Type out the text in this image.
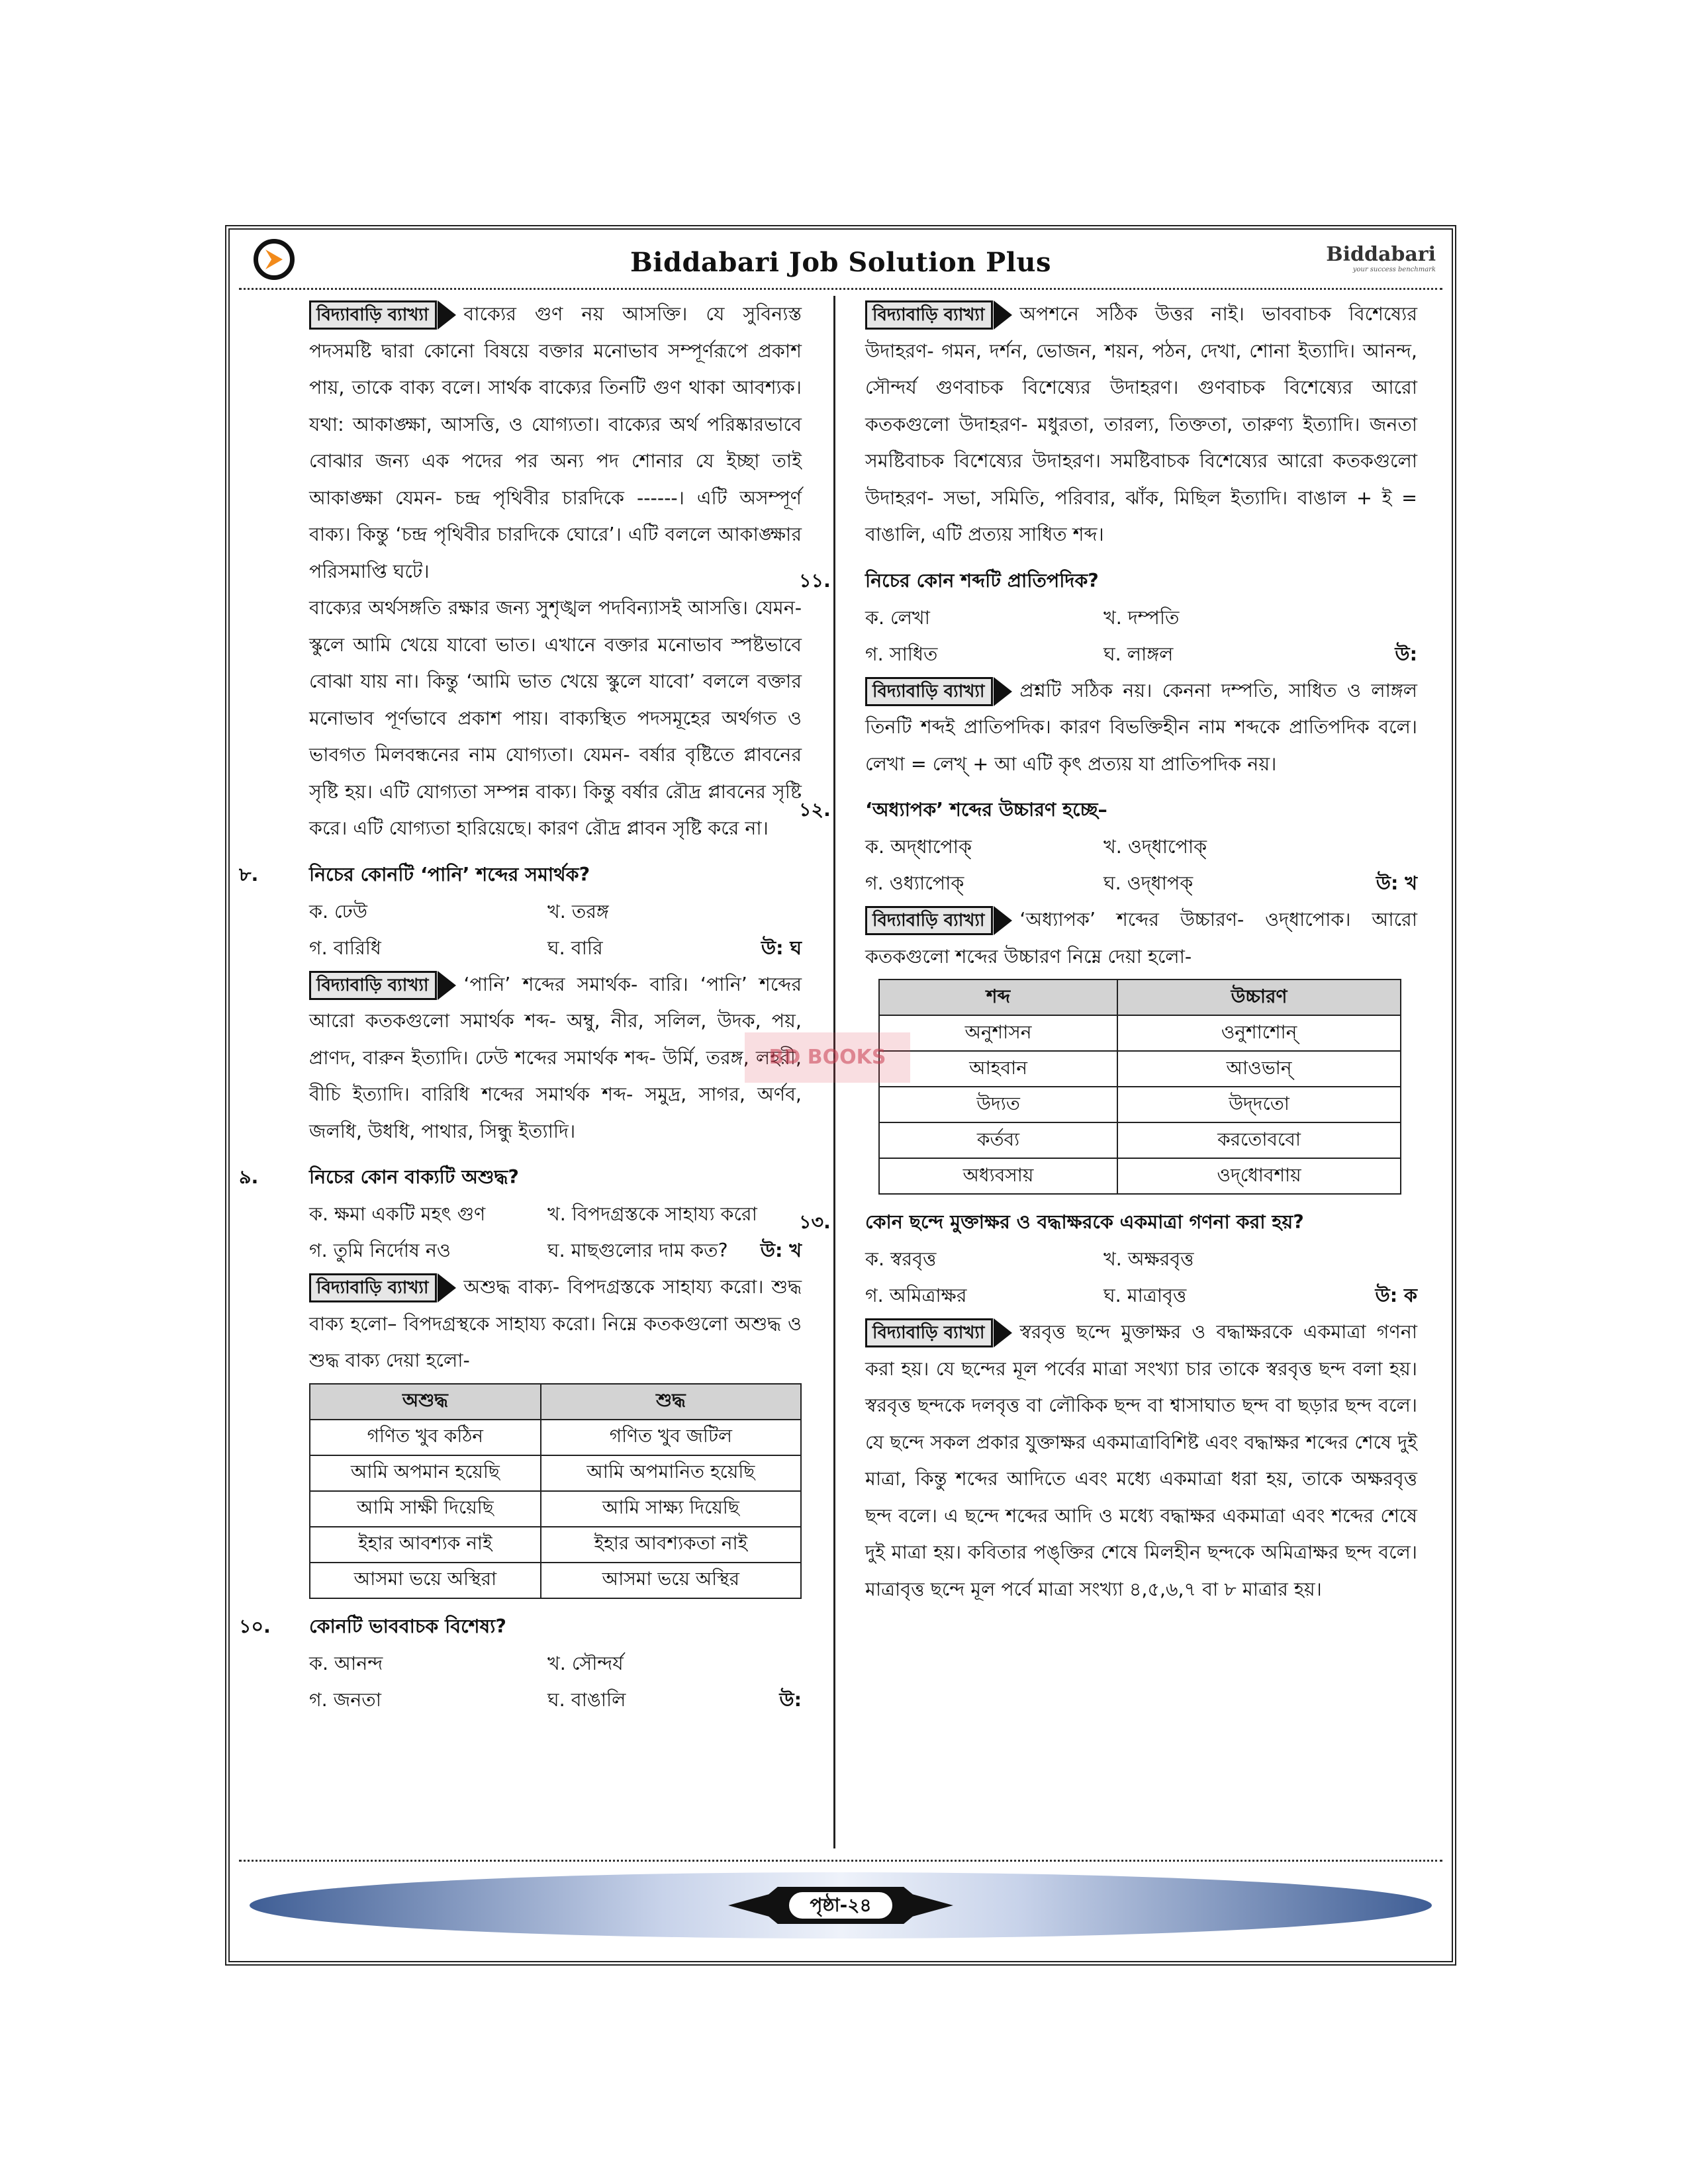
Biddabari Job Solution Plus	Biddabari
your success benchmark
বিদ্যাবাড়ি ব্যাখ্যা বাক্যের গুণ নয় আসক্তি। যে সুবিন্যস্ত পদসমষ্টি দ্বারা কোনো বিষয়ে বক্তার মনোভাব সম্পূর্ণরূপে প্রকাশ পায়, তাকে বাক্য বলে। সার্থক বাক্যের তিনটি গুণ থাকা আবশ্যক। যথা: আকাঙ্ক্ষা, আসত্তি, ও যোগ্যতা। বাক্যের অর্থ পরিষ্কারভাবে বোঝার জন্য এক পদের পর অন্য পদ শোনার যে ইচ্ছা তাই আকাঙ্ক্ষা যেমন- চন্দ্র পৃথিবীর চারদিকে ------। এটি অসম্পূর্ণ বাক্য। কিন্তু ‘চন্দ্র পৃথিবীর চারদিকে ঘোরে’। এটি বললে আকাঙ্ক্ষার পরিসমাপ্তি ঘটে।
বাক্যের অর্থসঙ্গতি রক্ষার জন্য সুশৃঙ্খল পদবিন্যাসই আসত্তি। যেমন- স্কুলে আমি খেয়ে যাবো ভাত। এখানে বক্তার মনোভাব স্পষ্টভাবে বোঝা যায় না। কিন্তু ‘আমি ভাত খেয়ে স্কুলে যাবো’ বললে বক্তার মনোভাব পূর্ণভাবে প্রকাশ পায়। বাক্যস্থিত পদসমূহের অর্থগত ও ভাবগত মিলবন্ধনের নাম যোগ্যতা। যেমন- বর্ষার বৃষ্টিতে প্লাবনের সৃষ্টি হয়। এটি যোগ্যতা সম্পন্ন বাক্য। কিন্তু বর্ষার রৌদ্র প্লাবনের সৃষ্টি করে। এটি যোগ্যতা হারিয়েছে। কারণ রৌদ্র প্লাবন সৃষ্টি করে না।
৮.	নিচের কোনটি ‘পানি’ শব্দের সমার্থক?
ক. ঢেউ	খ. তরঙ্গ
গ. বারিধি	ঘ. বারি	উ: ঘ
বিদ্যাবাড়ি ব্যাখ্যা ‘পানি’ শব্দের সমার্থক- বারি। ‘পানি’ শব্দের আরো কতকগুলো সমার্থক শব্দ- অম্বু, নীর, সলিল, উদক, পয়, প্রাণদ, বারুন ইত্যাদি। ঢেউ শব্দের সমার্থক শব্দ- উর্মি, তরঙ্গ, লহরী, বীচি ইত্যাদি। বারিধি শব্দের সমার্থক শব্দ- সমুদ্র, সাগর, অর্ণব, জলধি, উধধি, পাথার, সিন্ধু ইত্যাদি।
৯.	নিচের কোন বাক্যটি অশুদ্ধ?
ক. ক্ষমা একটি মহৎ গুণ	খ. বিপদগ্রস্তকে সাহায্য করো
গ. তুমি নির্দোষ নও	ঘ. মাছগুলোর দাম কত? উ: খ
বিদ্যাবাড়ি ব্যাখ্যা অশুদ্ধ বাক্য- বিপদগ্রস্তকে সাহায্য করো। শুদ্ধ বাক্য হলো– বিপদগ্রস্থকে সাহায্য করো। নিম্নে কতকগুলো অশুদ্ধ ও শুদ্ধ বাক্য দেয়া হলো-
অশুদ্ধ	শুদ্ধ
গণিত খুব কঠিন	গণিত খুব জটিল
আমি অপমান হয়েছি	আমি অপমানিত হয়েছি
আমি সাক্ষী দিয়েছি	আমি সাক্ষ্য দিয়েছি
ইহার আবশ্যক নাই	ইহার আবশ্যকতা নাই
আসমা ভয়ে অস্থিরা	আসমা ভয়ে অস্থির
১০. কোনটি ভাববাচক বিশেষ্য?
ক. আনন্দ	খ. সৌন্দর্য
গ. জনতা	ঘ. বাঙালি	উ:
বিদ্যাবাড়ি ব্যাখ্যা অপশনে সঠিক উত্তর নাই। ভাববাচক বিশেষ্যের উদাহরণ- গমন, দর্শন, ভোজন, শয়ন, পঠন, দেখা, শোনা ইত্যাদি। আনন্দ, সৌন্দর্য গুণবাচক বিশেষ্যের উদাহরণ। গুণবাচক বিশেষ্যের আরো কতকগুলো উদাহরণ- মধুরতা, তারল্য, তিক্ততা, তারুণ্য ইত্যাদি। জনতা সমষ্টিবাচক বিশেষ্যের উদাহরণ। সমষ্টিবাচক বিশেষ্যের আরো কতকগুলো উদাহরণ- সভা, সমিতি, পরিবার, ঝাঁক, মিছিল ইত্যাদি। বাঙাল + ই = বাঙালি, এটি প্রত্যয় সাধিত শব্দ।
১১. নিচের কোন শব্দটি প্রাতিপদিক?
ক. লেখা	খ. দম্পতি
গ. সাধিত	ঘ. লাঙ্গল	উ:
বিদ্যাবাড়ি ব্যাখ্যা প্রশ্নটি সঠিক নয়। কেননা দম্পতি, সাধিত ও লাঙ্গল তিনটি শব্দই প্রাতিপদিক। কারণ বিভক্তিহীন নাম শব্দকে প্রাতিপদিক বলে। লেখা = লেখ্ + আ এটি কৃৎ প্রত্যয় যা প্রাতিপদিক নয়।
১২. ‘অধ্যাপক’ শব্দের উচ্চারণ হচ্ছে–
ক. অদ্‌ধাপোক্	খ. ওদ্‌ধাপোক্
গ. ওধ্যাপোক্	ঘ. ওদ্‌ধাপক্	উ: খ
বিদ্যাবাড়ি ব্যাখ্যা ‘অধ্যাপক’ শব্দের উচ্চারণ- ওদ্‌ধাপোক। আরো কতকগুলো শব্দের উচ্চারণ নিম্নে দেয়া হলো-
শব্দ	উচ্চারণ
অনুশাসন	ওনুশাশোন্
আহবান	আওভান্
উদ্যত	উদ্‌দতো
কর্তব্য	করতোববো
অধ্যবসায়	ওদ্‌ধোবশায়
১৩. কোন ছন্দে মুক্তাক্ষর ও বদ্ধাক্ষরকে একমাত্রা গণনা করা হয়?
ক. স্বরবৃত্ত	খ. অক্ষরবৃত্ত
গ. অমিত্রাক্ষর	ঘ. মাত্রাবৃত্ত	উ: ক
বিদ্যাবাড়ি ব্যাখ্যা স্বরবৃত্ত ছন্দে মুক্তাক্ষর ও বদ্ধাক্ষরকে একমাত্রা গণনা করা হয়। যে ছন্দের মূল পর্বের মাত্রা সংখ্যা চার তাকে স্বরবৃত্ত ছন্দ বলা হয়। স্বরবৃত্ত ছন্দকে দলবৃত্ত বা লৌকিক ছন্দ বা শ্বাসাঘাত ছন্দ বা ছড়ার ছন্দ বলে। যে ছন্দে সকল প্রকার যুক্তাক্ষর একমাত্রাবিশিষ্ট এবং বদ্ধাক্ষর শব্দের শেষে দুই মাত্রা, কিন্তু শব্দের আদিতে এবং মধ্যে একমাত্রা ধরা হয়, তাকে অক্ষরবৃত্ত ছন্দ বলে। এ ছন্দে শব্দের আদি ও মধ্যে বদ্ধাক্ষর একমাত্রা এবং শব্দের শেষে দুই মাত্রা হয়। কবিতার পঙ্‌ক্তির শেষে মিলহীন ছন্দকে অমিত্রাক্ষর ছন্দ বলে। মাত্রাবৃত্ত ছন্দে মূল পর্বে মাত্রা সংখ্যা ৪,৫,৬,৭ বা ৮ মাত্রার হয়।
পৃষ্ঠা-২৪
BD BOOKS
